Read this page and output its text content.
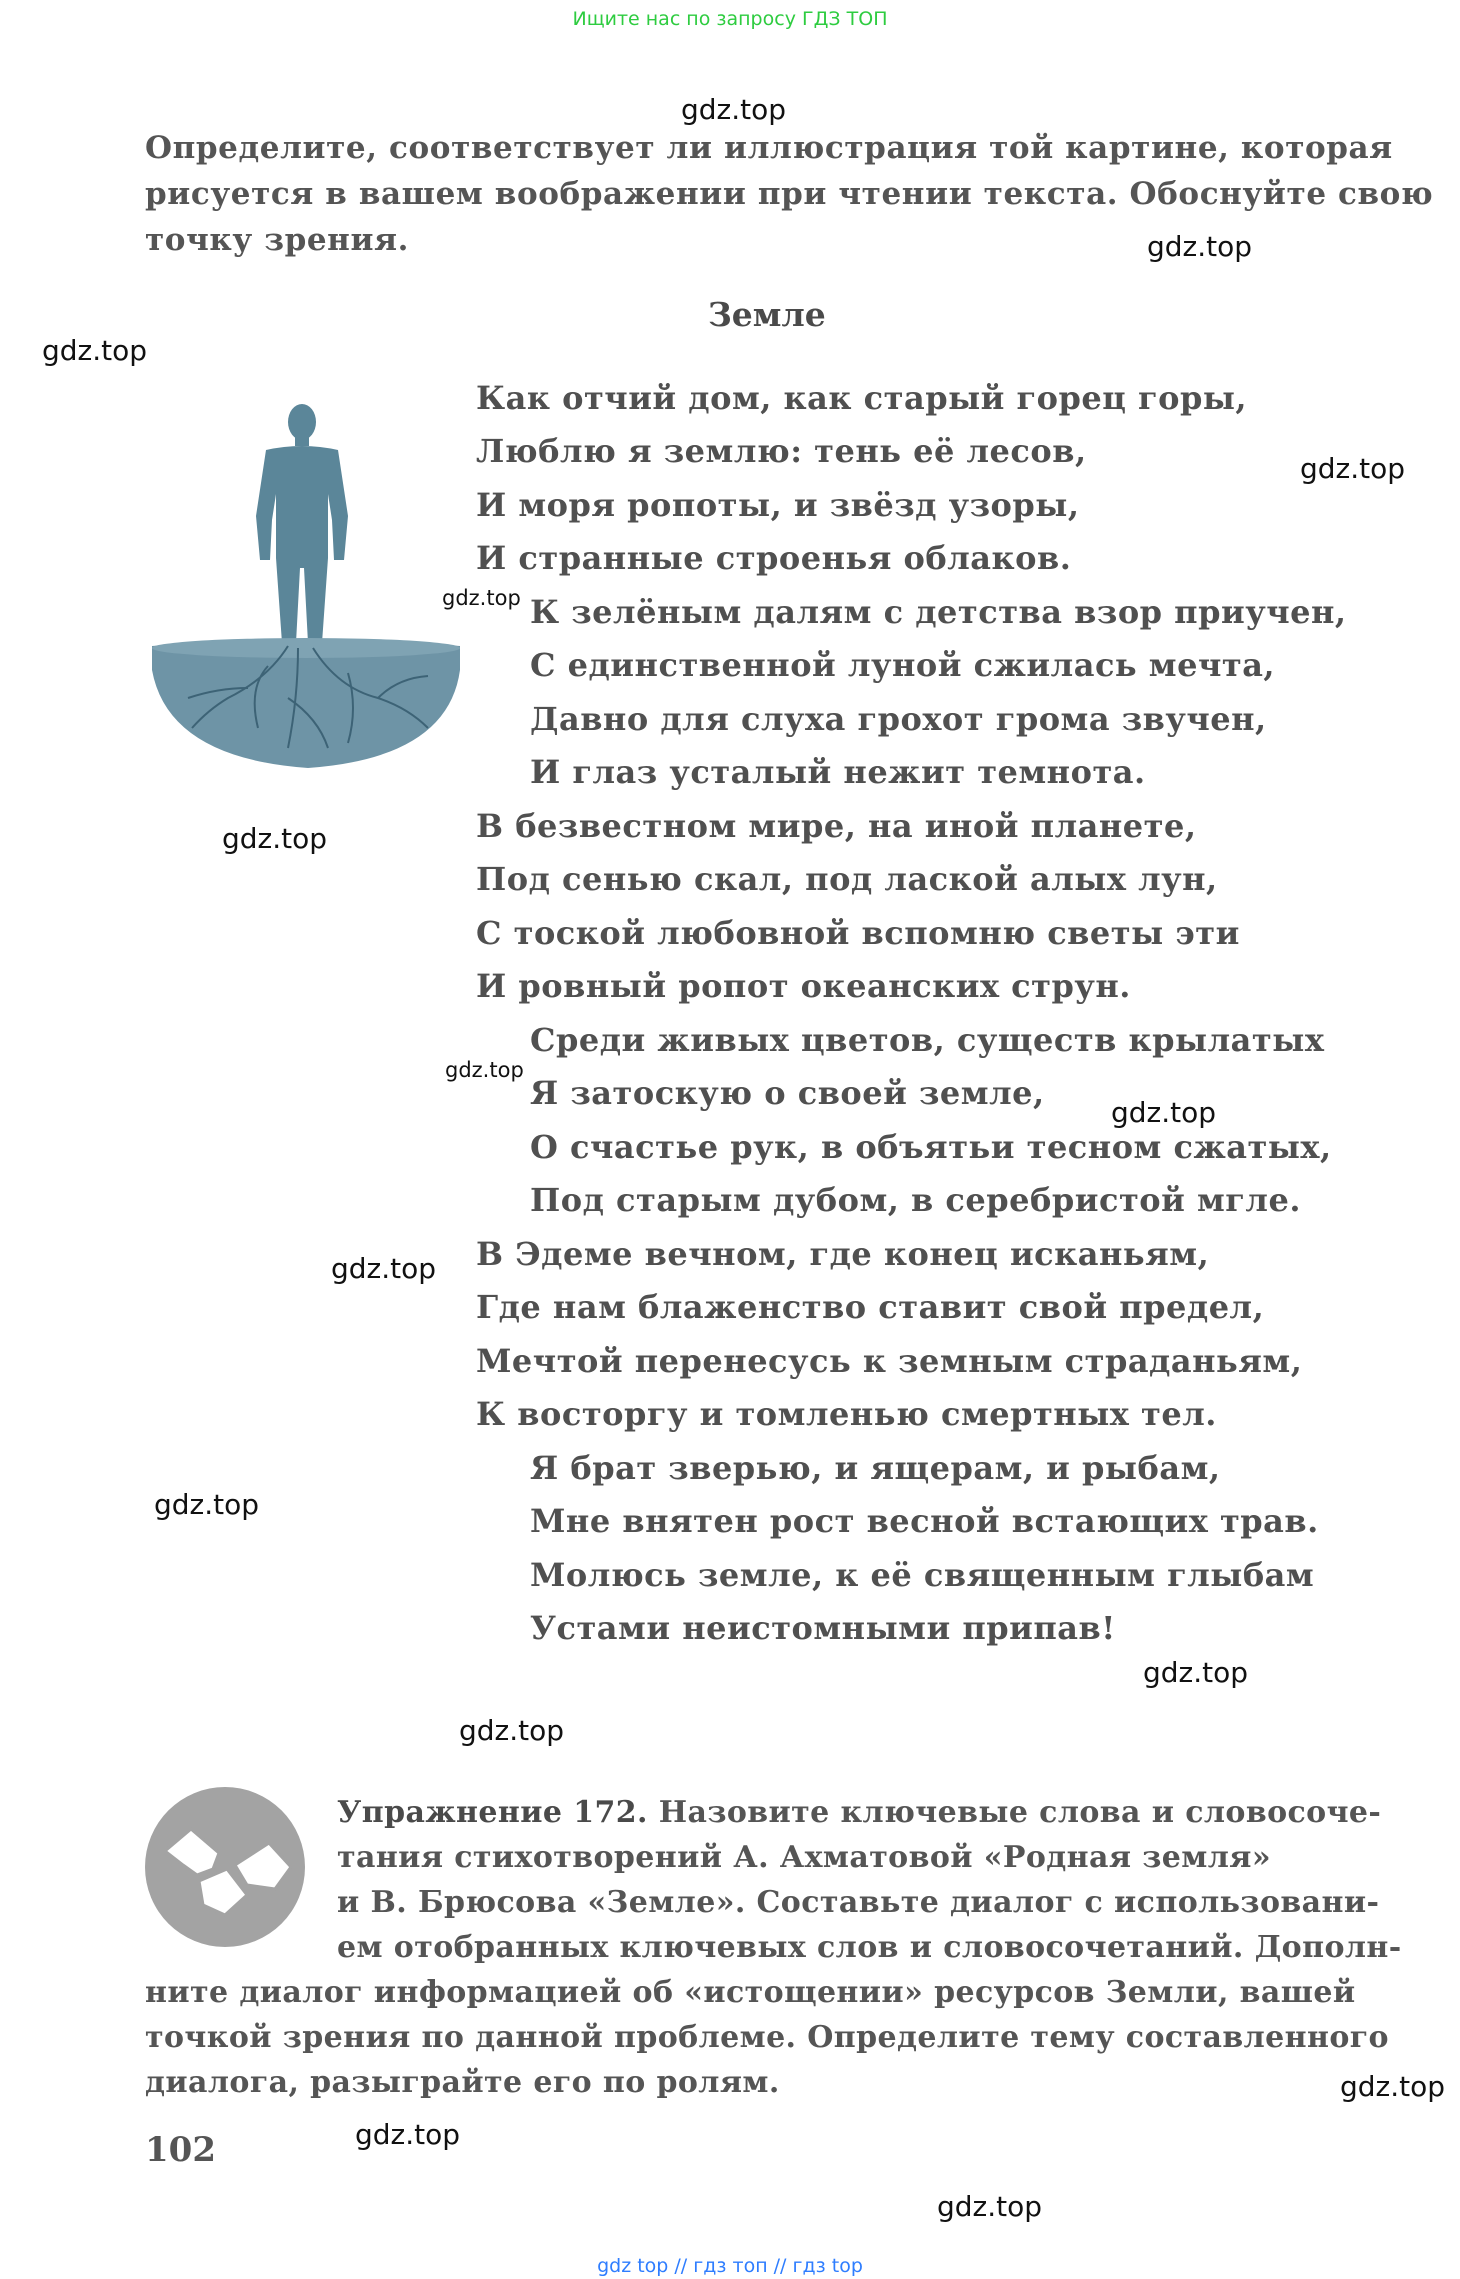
Ищите нас по запросу ГДЗ ТОП
Определите, соответствует ли иллюстрация той картине, которая
рисуется в вашем воображении при чтении текста. Обоснуйте свою
точку зрения.
Земле
Как отчий дом, как старый горец горы,
Люблю я землю: тень её лесов,
И моря ропоты, и звёзд узоры,
И странные строенья облаков.
К зелёным далям с детства взор приучен,
С единственной луной сжилась мечта,
Давно для слуха грохот грома звучен,
И глаз усталый нежит темнота.
В безвестном мире, на иной планете,
Под сенью скал, под лаской алых лун,
С тоской любовной вспомню светы эти
И ровный ропот океанских струн.
Среди живых цветов, существ крылатых
Я затоскую о своей земле,
О счастье рук, в объятьи тесном сжатых,
Под старым дубом, в серебристой мгле.
В Эдеме вечном, где конец исканьям,
Где нам блаженство ставит свой предел,
Мечтой перенесусь к земным страданьям,
К восторгу и томленью смертных тел.
Я брат зверью, и ящерам, и рыбам,
Мне внятен рост весной встающих трав.
Молюсь земле, к её священным глыбам
Устами неистомными припав!
Упражнение 172. Назовите ключевые слова и словосоче-
тания стихотворений А. Ахматовой «Родная земля»
и В. Брюсова «Земле». Составьте диалог с использовани-
ем отобранных ключевых слов и словосочетаний. Дополн-
ните диалог информацией об «истощении» ресурсов Земли, вашей
точкой зрения по данной проблеме. Определите тему составленного
диалога, разыграйте его по ролям.
102
gdz.top
gdz.top
gdz.top
gdz.top
gdz.top
gdz.top
gdz.top
gdz.top
gdz.top
gdz.top
gdz.top
gdz.top
gdz.top
gdz.top
gdz.top
gdz top // гдз топ // гдз top
